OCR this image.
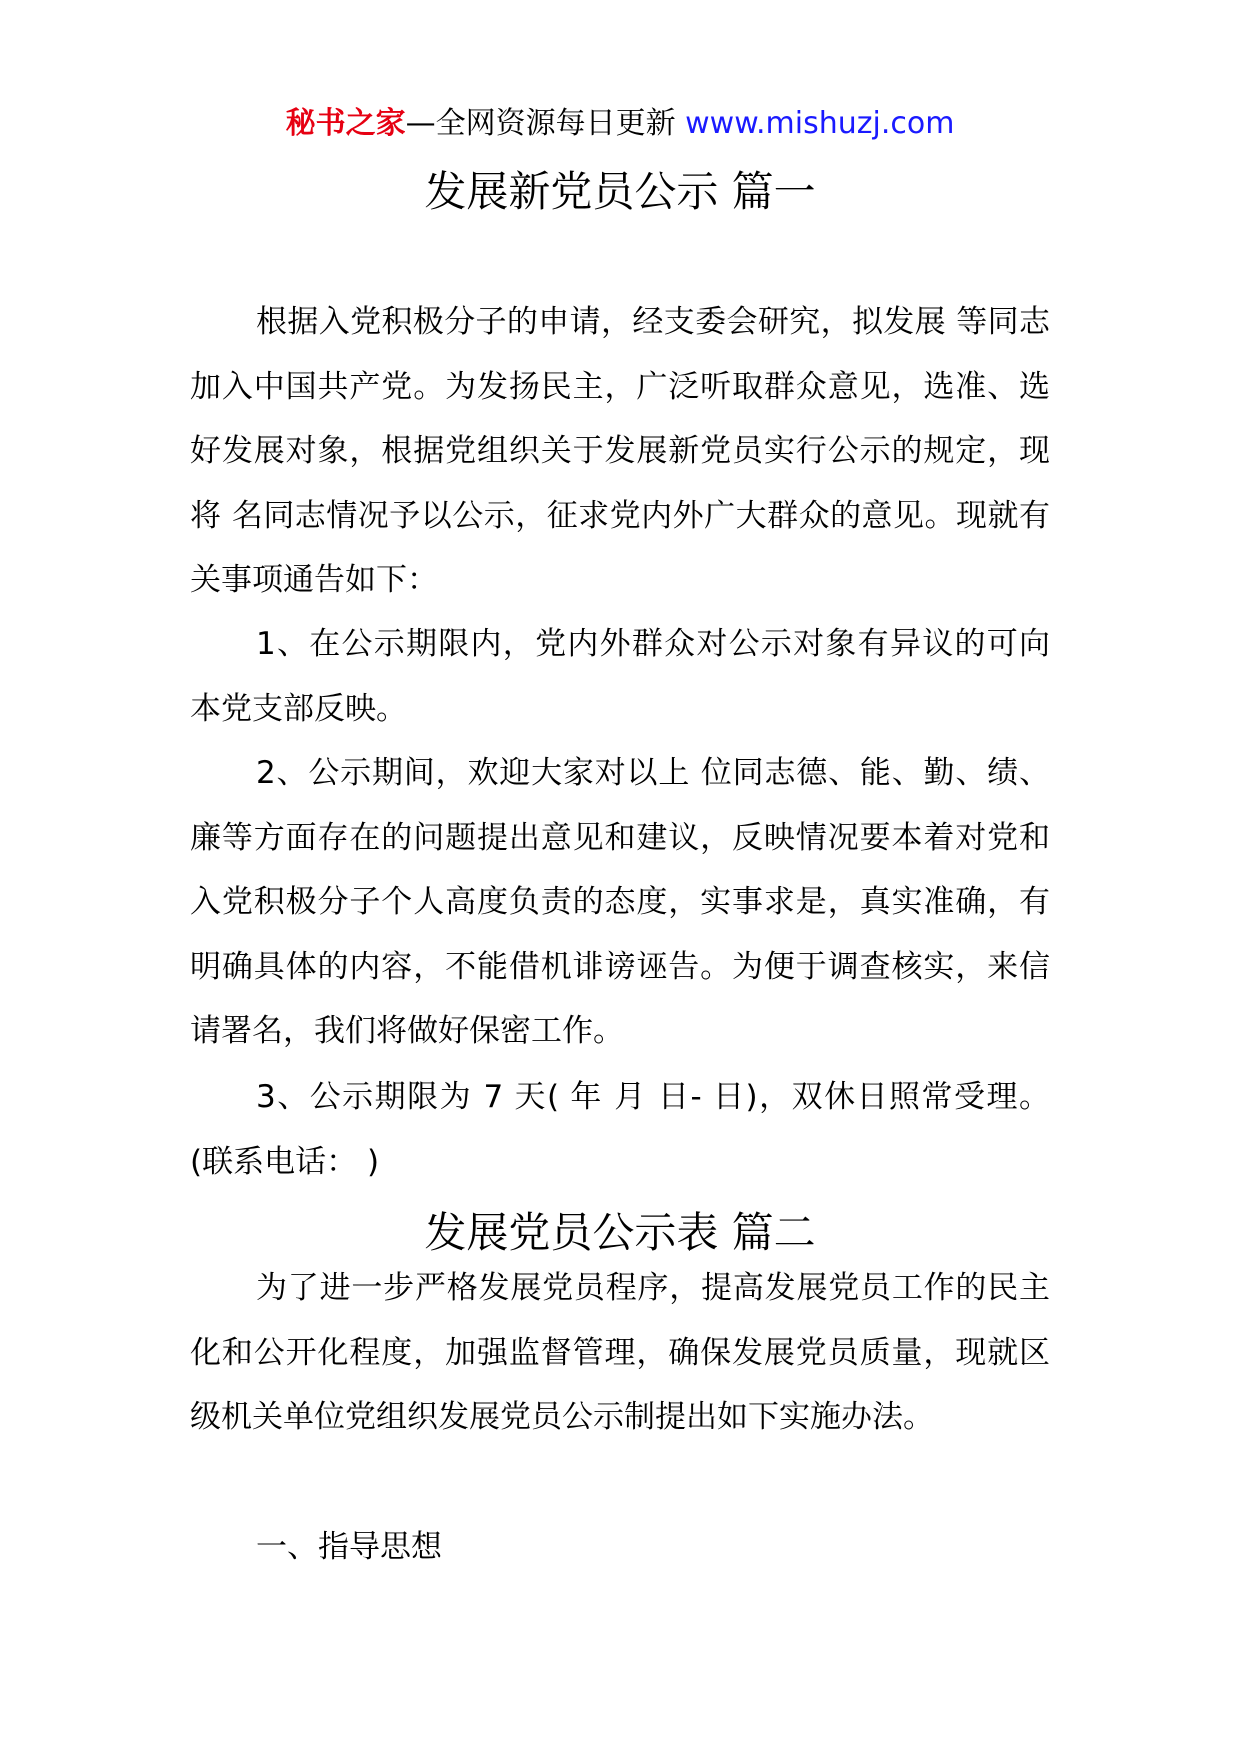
秘书之家—全网资源每日更新 www.mishuzj.com
发展新党员公示 篇一

根据入党积极分子的申请，经支委会研究，拟发展 等同志加入中国共产党。为发扬民主，广泛听取群众意见，选准、选好发展对象，根据党组织关于发展新党员实行公示的规定，现将 名同志情况予以公示，征求党内外广大群众的意见。现就有关事项通告如下：

1、在公示期限内，党内外群众对公示对象有异议的可向本党支部反映。

2、公示期间，欢迎大家对以上 位同志德、能、勤、绩、廉等方面存在的问题提出意见和建议，反映情况要本着对党和入党积极分子个人高度负责的态度，实事求是，真实准确，有明确具体的内容，不能借机诽谤诬告。为便于调查核实，来信请署名，我们将做好保密工作。

3、公示期限为 7 天( 年 月 日- 日)，双休日照常受理。(联系电话： )

发展党员公示表 篇二

为了进一步严格发展党员程序，提高发展党员工作的民主化和公开化程度，加强监督管理，确保发展党员质量，现就区级机关单位党组织发展党员公示制提出如下实施办法。

一、指导思想
